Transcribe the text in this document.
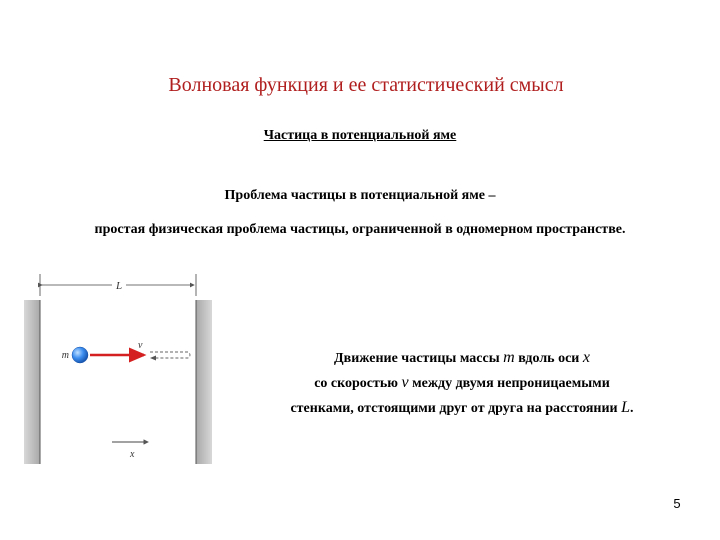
Волновая функция и ее статистический смысл
Частица в потенциальной яме
Проблема частицы в потенциальной яме –
простая физическая проблема частицы, ограниченной в одномерном пространстве.
L
m
v
x
Движение частицы массы m вдоль оси x
со скоростью v между двумя непроницаемыми
стенками, отстоящими друг от друга на расстоянии L.
5
